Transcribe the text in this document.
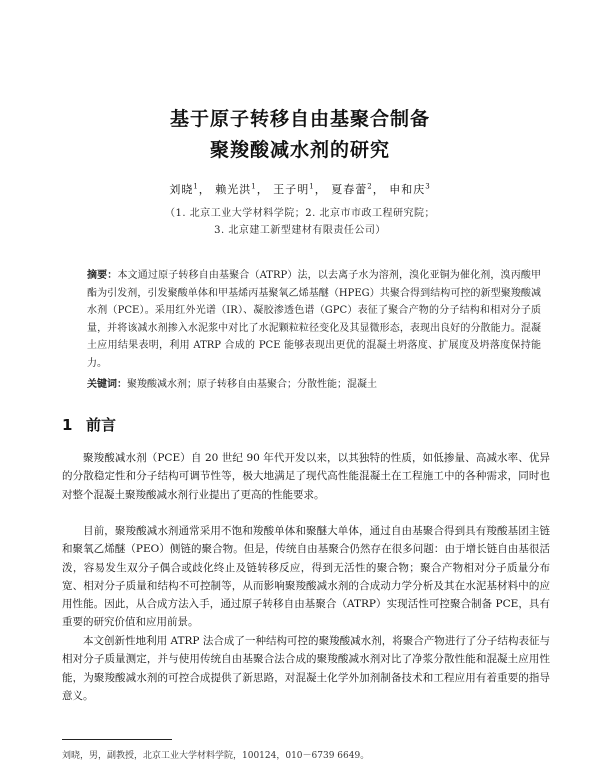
基于原子转移自由基聚合制备
聚羧酸减水剂的研究
刘晓$^1$， 赖光洪$^1$， 王子明$^1$， 夏春蕾$^2$， 申和庆$^3$
（1. 北京工业大学材料学院；2. 北京市市政工程研究院；
3. 北京建工新型建材有限责任公司）
摘要：本文通过原子转移自由基聚合（ATRP）法，以去离子水为溶剂，溴化亚铜为催化剂，溴丙酸甲酯为引发剂，引发聚酸单体和甲基烯丙基聚氧乙烯基醚（HPEG）共聚合得到结构可控的新型聚羧酸减水剂（PCE）。采用红外光谱（IR）、凝胶渗透色谱（GPC）表征了聚合产物的分子结构和相对分子质量，并将该减水剂掺入水泥浆中对比了水泥颗粒粒径变化及其显微形态，表现出良好的分散能力。混凝土应用结果表明，利用 ATRP 合成的 PCE 能够表现出更优的混凝土坍落度、扩展度及坍落度保持能力。
关键词：聚羧酸减水剂；原子转移自由基聚合；分散性能；混凝土
1 前言

聚羧酸减水剂（PCE）自 20 世纪 90 年代开发以来，以其独特的性质，如低掺量、高减水率、优异的分散稳定性和分子结构可调节性等，极大地满足了现代高性能混凝土在工程施工中的各种需求，同时也对整个混凝土聚羧酸减水剂行业提出了更高的性能要求。

目前，聚羧酸减水剂通常采用不饱和羧酸单体和聚醚大单体，通过自由基聚合得到具有羧酸基团主链和聚氧乙烯醚（PEO）侧链的聚合物。但是，传统自由基聚合仍然存在很多问题：由于增长链自由基很活泼，容易发生双分子偶合或歧化终止及链转移反应，得到无活性的聚合物；聚合产物相对分子质量分布宽、相对分子质量和结构不可控制等，从而影响聚羧酸减水剂的合成动力学分析及其在水泥基材料中的应用性能。因此，从合成方法入手，通过原子转移自由基聚合（ATRP）实现活性可控聚合制备 PCE，具有重要的研究价值和应用前景。

本文创新性地利用 ATRP 法合成了一种结构可控的聚羧酸减水剂，将聚合产物进行了分子结构表征与相对分子质量测定，并与使用传统自由基聚合法合成的聚羧酸减水剂对比了净浆分散性能和混凝土应用性能，为聚羧酸减水剂的可控合成提供了新思路，对混凝土化学外加剂制备技术和工程应用有着重要的指导意义。

刘晓，男，副教授，北京工业大学材料学院，100124，010－6739 6649。
